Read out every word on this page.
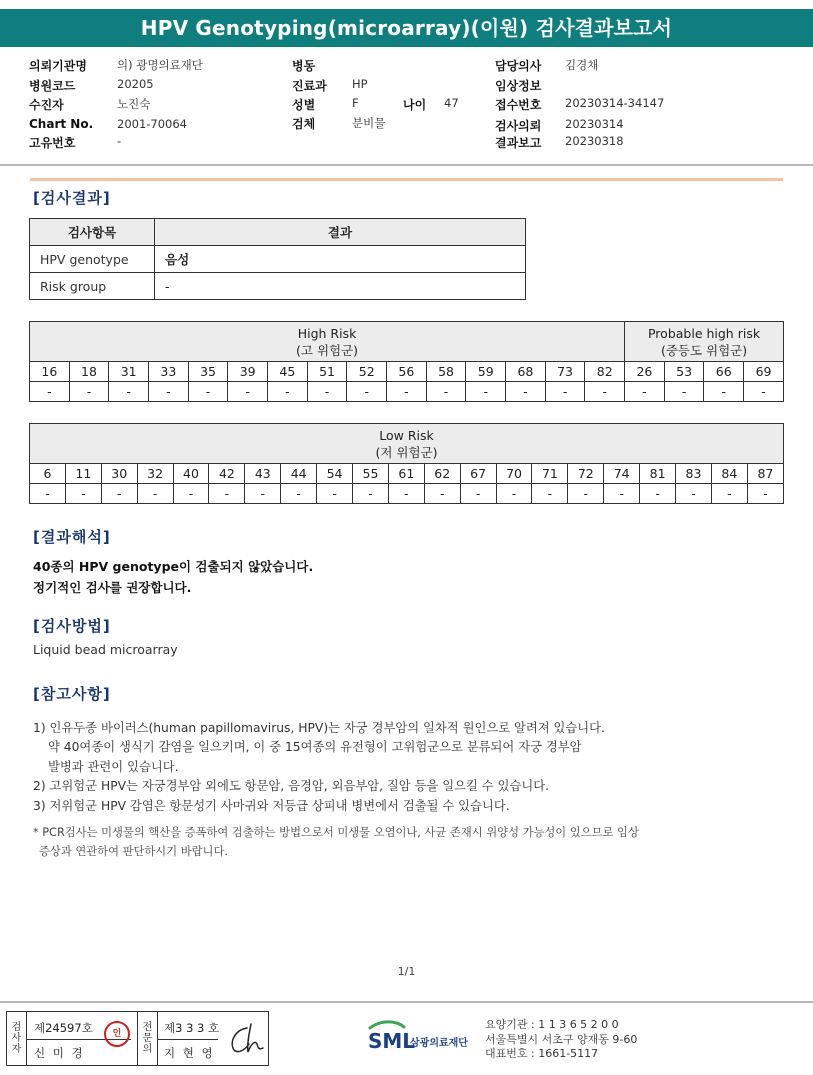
HPV Genotyping(microarray)(이원) 검사결과보고서
의뢰기관명	의) 광명의료재단
병원코드	20205
수진자	노진숙
Chart No. 2001-70064
고유번호	-
병동
진료과 HP
성별	F	나이 47
검체	분비물
담당의사 김경채
임상정보
접수번호 20230314-34147
검사의뢰 20230314
결과보고 20230318
[검사결과]
검사항목	결과
HPV genotype	음성
Risk group	-
High Risk
(고 위험군)															Probable high risk
(중등도 위험군)			

16	18	31	33	35	39	45	51	52	56	58	59	68	73	82	26	53	66	69
-	-	-	-	-	-	-	-	-	-	-	-	-	-	-	-	-	-	-
Low Risk
(저 위험군)																				

6	11	30	32	40	42	43	44	54	55	61	62	67	70	71	72	74	81	83	84	87
-	-	-	-	-	-	-	-	-	-	-	-	-	-	-	-	-	-	-	-	-
[결과해석]
40종의 HPV genotype이 검출되지 않았습니다.
정기적인 검사를 권장합니다.
[검사방법]
Liquid bead microarray
[참고사항]
1) 인유두종 바이러스(human papillomavirus, HPV)는 자궁 경부암의 일차적 원인으로 알려져 있습니다.
약 40여종이 생식기 감염을 일으키며, 이 중 15여종의 유전형이 고위험군으로 분류되어 자궁 경부암
발병과 관련이 있습니다.
2) 고위험군 HPV는 자궁경부암 외에도 항문암, 음경암, 외음부암, 질암 등을 일으킬 수 있습니다.
3) 저위험군 HPV 감염은 항문성기 사마귀와 저등급 상피내 병변에서 검출될 수 있습니다.
* PCR검사는 미생물의 핵산을 증폭하여 검출하는 방법으로서 미생물 오염이나, 사균 존재시 위양성 가능성이 있으므로 임상
증상과 연관하여 판단하시기 바랍니다.
1/1
검
사
자
제24597호
신 미 경
인
전
문
의
제3 3 3 호
지 현 영	SML
삼광의료재단
요양기관 : 1 1 3 6 5 2 0 0
서울특별시 서초구 양재동 9-60
대표번호 : 1661-5117
